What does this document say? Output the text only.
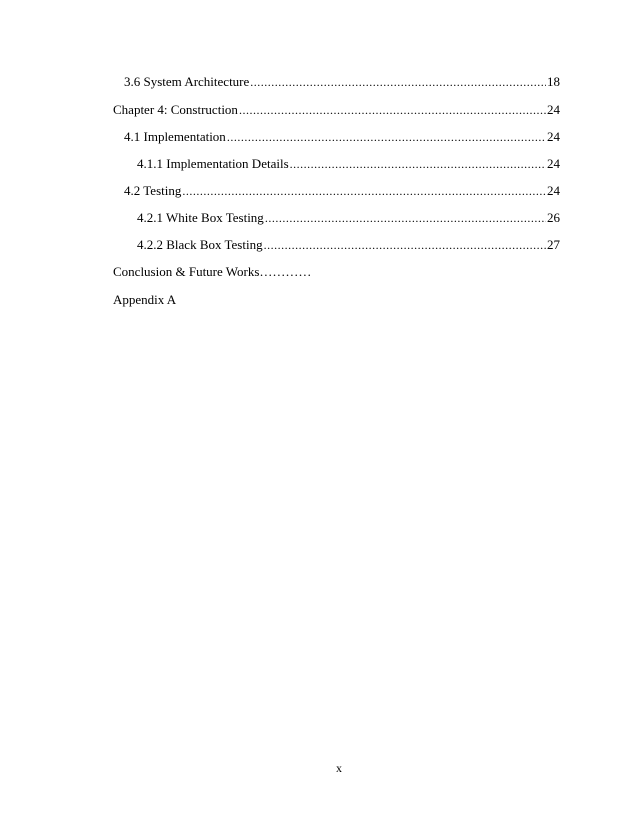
3.6 System Architecture .....	18
Chapter 4: Construction .....	24
4.1 Implementation .....	24
4.1.1 Implementation Details .....	24
4.2 Testing .....	24
4.2.1 White Box Testing .....	26
4.2.2 Black Box Testing .....	27
Conclusion & Future Works…………
Appendix A
x
